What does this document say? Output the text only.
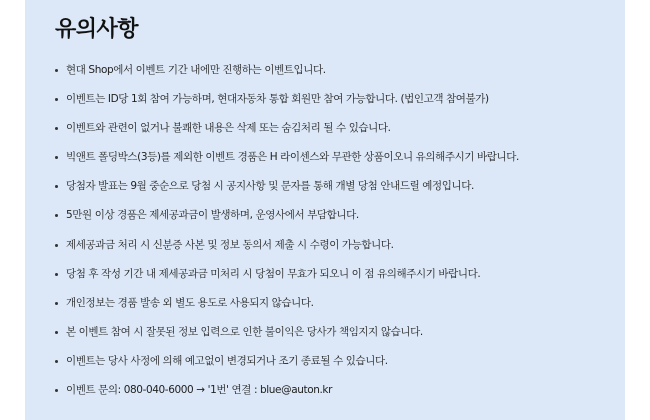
유의사항
현대 Shop에서 이벤트 기간 내에만 진행하는 이벤트입니다.
이벤트는 ID당 1회 참여 가능하며, 현대자동차 통합 회원만 참여 가능합니다. (법인고객 참여불가)
이벤트와 관련이 없거나 불쾌한 내용은 삭제 또는 숨김처리 될 수 있습니다.
빅앤트 폴딩박스(3등)를 제외한 이벤트 경품은 H 라이센스와 무관한 상품이오니 유의해주시기 바랍니다.
당첨자 발표는 9월 중순으로 당첨 시 공지사항 및 문자를 통해 개별 당첨 안내드릴 예정입니다.
5만원 이상 경품은 제세공과금이 발생하며, 운영사에서 부담합니다.
제세공과금 처리 시 신분증 사본 및 정보 동의서 제출 시 수령이 가능합니다.
당첨 후 작성 기간 내 제세공과금 미처리 시 당첨이 무효가 되오니 이 점 유의해주시기 바랍니다.
개인정보는 경품 발송 외 별도 용도로 사용되지 않습니다.
본 이벤트 참여 시 잘못된 정보 입력으로 인한 불이익은 당사가 책임지지 않습니다.
이벤트는 당사 사정에 의해 예고없이 변경되거나 조기 종료될 수 있습니다.
이벤트 문의: 080-040-6000 → '1번' 연결 : blue@auton.kr
